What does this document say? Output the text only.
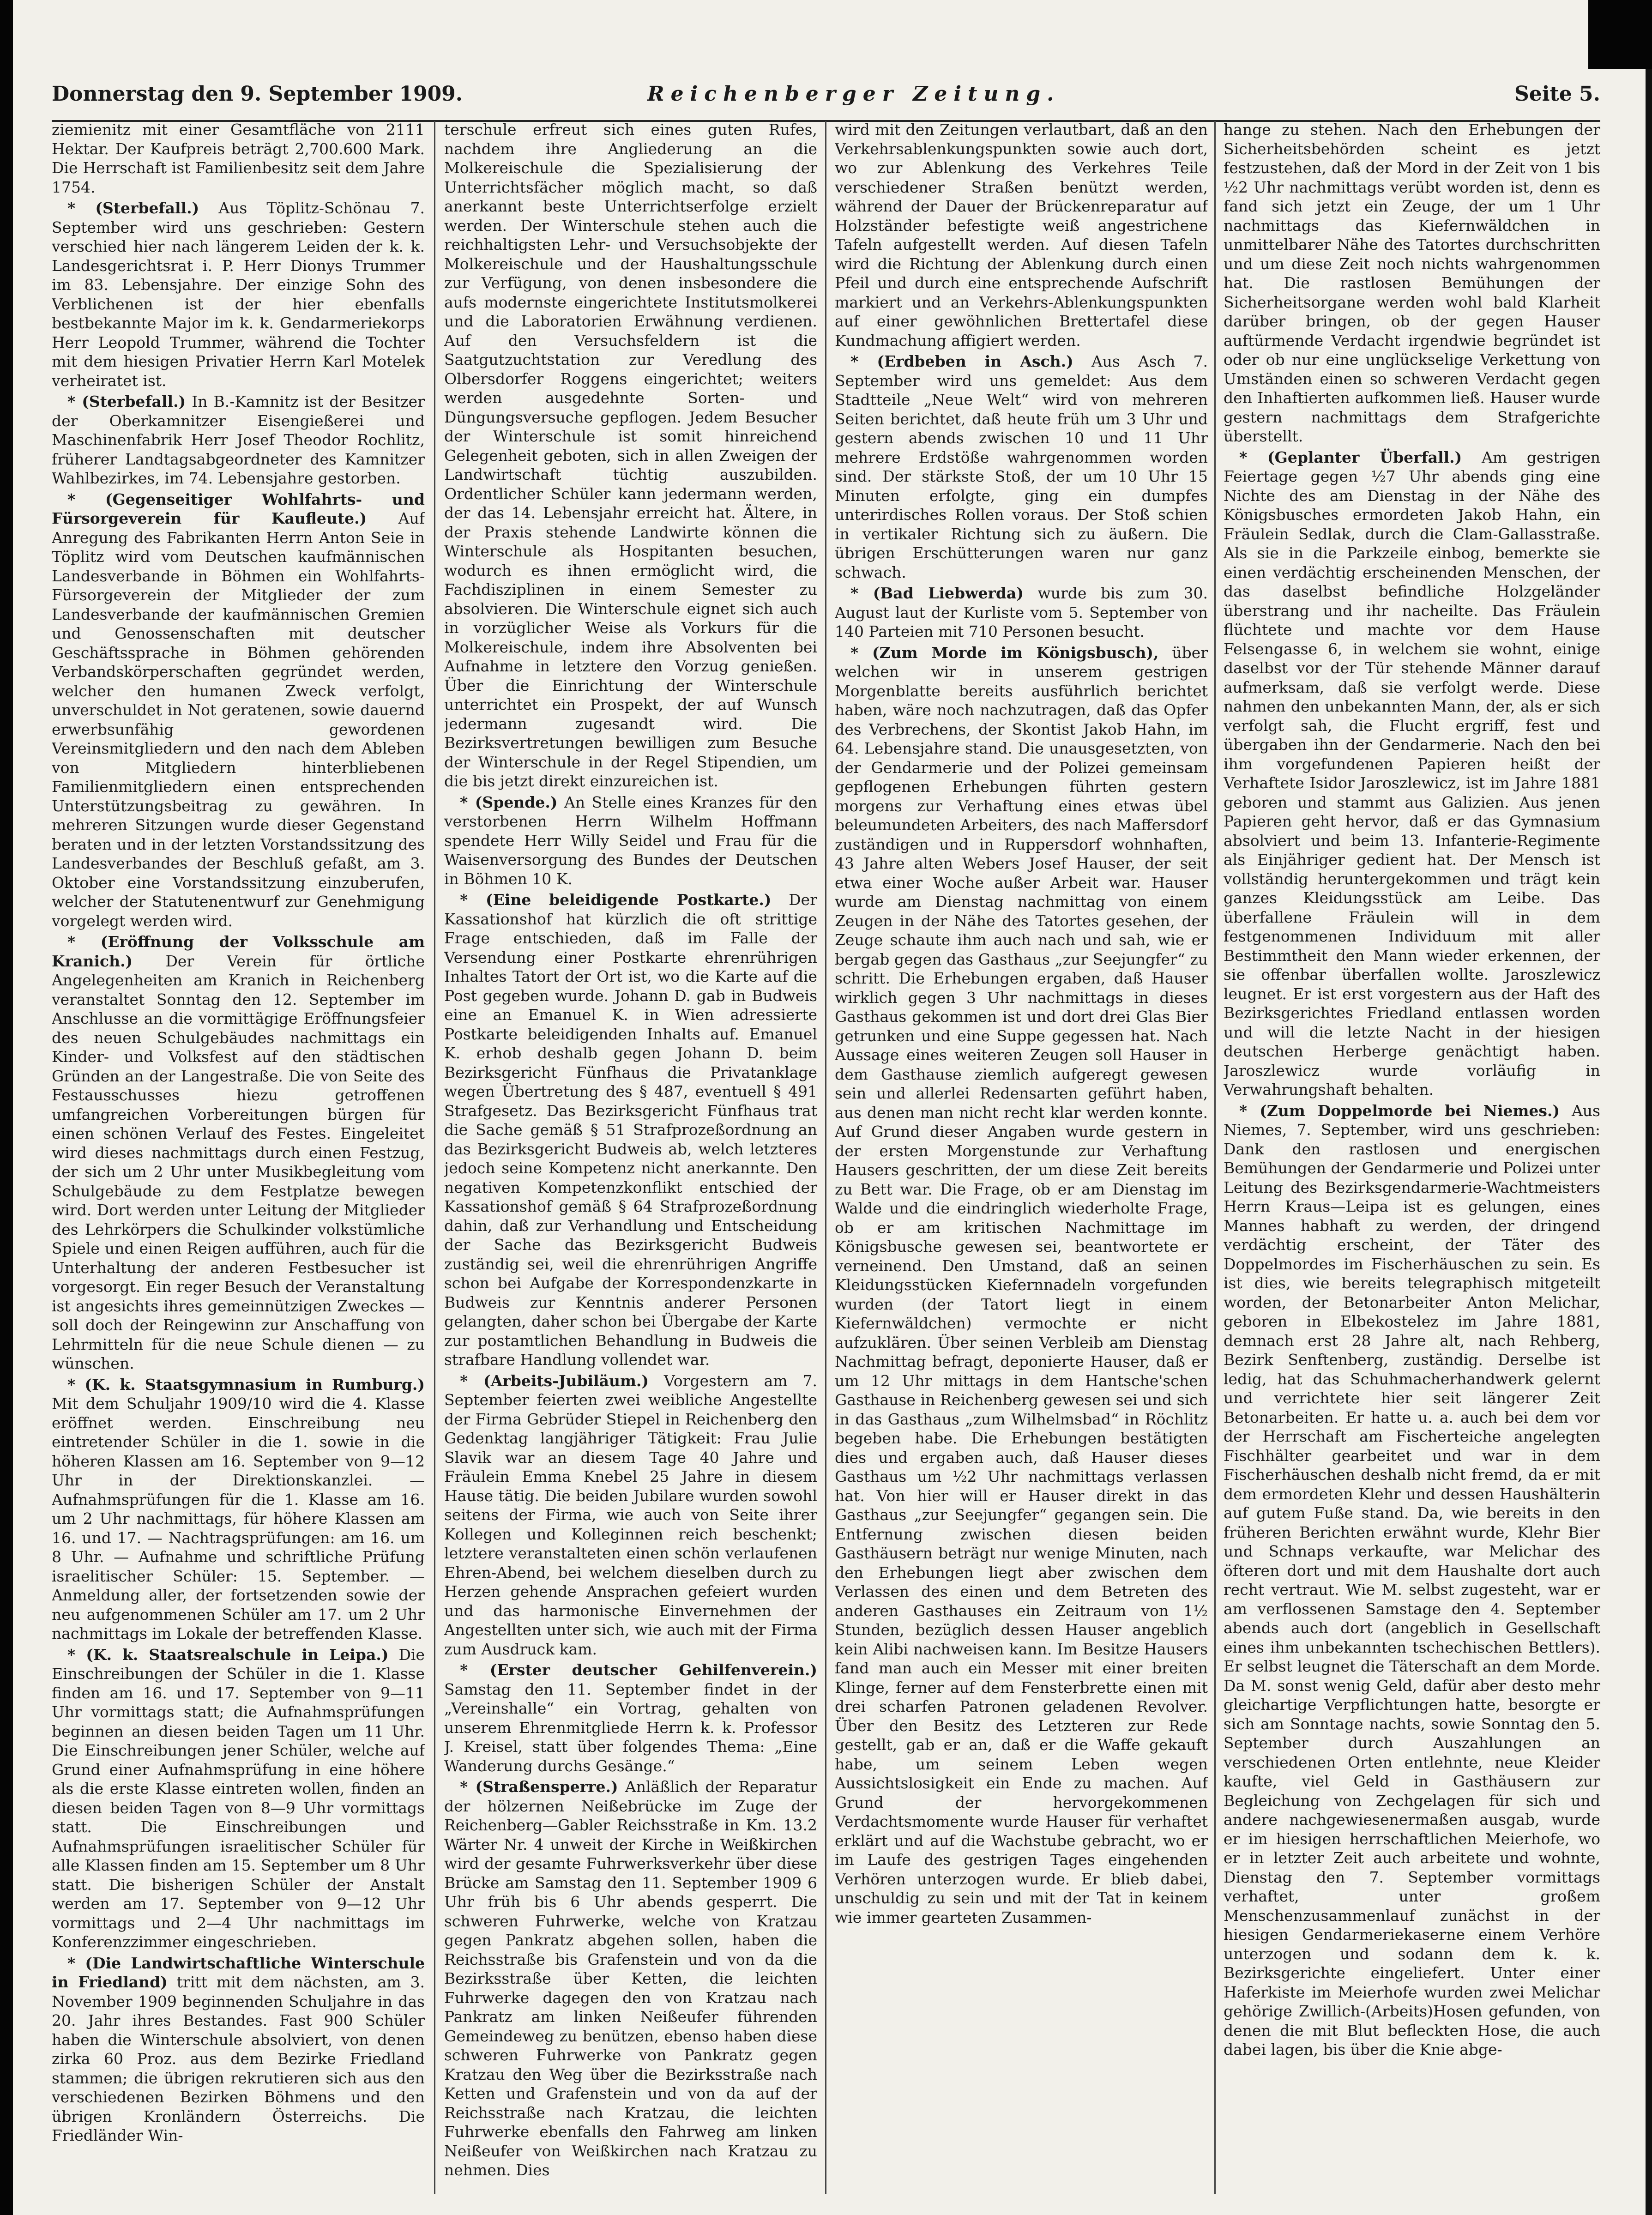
Donnerstag den 9. September 1909.	Reichenberger Zeitung.	Seite 5.

ziemienitz mit einer Gesamtfläche von 2111 Hektar. Der Kaufpreis beträgt 2,700.600 Mark. Die Herrschaft ist Familienbesitz seit dem Jahre 1754.

* (Sterbefall.) Aus Töplitz-Schönau 7. September wird uns geschrieben: Gestern verschied hier nach längerem Leiden der k. k. Landesgerichtsrat i. P. Herr Dionys Trummer im 83. Lebensjahre. Der einzige Sohn des Verblichenen ist der hier ebenfalls bestbekannte Major im k. k. Gendarmeriekorps Herr Leopold Trummer, während die Tochter mit dem hiesigen Privatier Herrn Karl Motelek verheiratet ist.

* (Sterbefall.) In B.-Kamnitz ist der Besitzer der Oberkamnitzer Eisengießerei und Maschinenfabrik Herr Josef Theodor Rochlitz, früherer Landtagsabgeordneter des Kamnitzer Wahlbezirkes, im 74. Lebensjahre gestorben.

* (Gegenseitiger Wohlfahrts- und Fürsorgeverein für Kaufleute.) Auf Anregung des Fabrikanten Herrn Anton Seie in Töplitz wird vom Deutschen kaufmännischen Landesverbande in Böhmen ein Wohlfahrts-Fürsorgeverein der Mitglieder der zum Landesverbande der kaufmännischen Gremien und Genossenschaften mit deutscher Geschäftssprache in Böhmen gehörenden Verbandskörperschaften gegründet werden, welcher den humanen Zweck verfolgt, unverschuldet in Not geratenen, sowie dauernd erwerbsunfähig gewordenen Vereinsmitgliedern und den nach dem Ableben von Mitgliedern hinterbliebenen Familienmitgliedern einen entsprechenden Unterstützungsbeitrag zu gewähren. In mehreren Sitzungen wurde dieser Gegenstand beraten und in der letzten Vorstandssitzung des Landesverbandes der Beschluß gefaßt, am 3. Oktober eine Vorstandssitzung einzuberufen, welcher der Statutenentwurf zur Genehmigung vorgelegt werden wird.

* (Eröffnung der Volksschule am Kranich.) Der Verein für örtliche Angelegenheiten am Kranich in Reichenberg veranstaltet Sonntag den 12. September im Anschlusse an die vormittägige Eröffnungsfeier des neuen Schulgebäudes nachmittags ein Kinder- und Volksfest auf den städtischen Gründen an der Langestraße. Die von Seite des Festausschusses hiezu getroffenen umfangreichen Vorbereitungen bürgen für einen schönen Verlauf des Festes. Eingeleitet wird dieses nachmittags durch einen Festzug, der sich um 2 Uhr unter Musikbegleitung vom Schulgebäude zu dem Festplatze bewegen wird. Dort werden unter Leitung der Mitglieder des Lehrkörpers die Schulkinder volkstümliche Spiele und einen Reigen aufführen, auch für die Unterhaltung der anderen Festbesucher ist vorgesorgt. Ein reger Besuch der Veranstaltung ist angesichts ihres gemeinnützigen Zweckes — soll doch der Reingewinn zur Anschaffung von Lehrmitteln für die neue Schule dienen — zu wünschen.

* (K. k. Staatsgymnasium in Rumburg.) Mit dem Schuljahr 1909/10 wird die 4. Klasse eröffnet werden. Einschreibung neu eintretender Schüler in die 1. sowie in die höheren Klassen am 16. September von 9—12 Uhr in der Direktionskanzlei. — Aufnahmsprüfungen für die 1. Klasse am 16. um 2 Uhr nachmittags, für höhere Klassen am 16. und 17. — Nachtragsprüfungen: am 16. um 8 Uhr. — Aufnahme und schriftliche Prüfung israelitischer Schüler: 15. September. — Anmeldung aller, der fortsetzenden sowie der neu aufgenommenen Schüler am 17. um 2 Uhr nachmittags im Lokale der betreffenden Klasse.

* (K. k. Staatsrealschule in Leipa.) Die Einschreibungen der Schüler in die 1. Klasse finden am 16. und 17. September von 9—11 Uhr vormittags statt; die Aufnahmsprüfungen beginnen an diesen beiden Tagen um 11 Uhr. Die Einschreibungen jener Schüler, welche auf Grund einer Aufnahmsprüfung in eine höhere als die erste Klasse eintreten wollen, finden an diesen beiden Tagen von 8—9 Uhr vormittags statt. Die Einschreibungen und Aufnahmsprüfungen israelitischer Schüler für alle Klassen finden am 15. September um 8 Uhr statt. Die bisherigen Schüler der Anstalt werden am 17. September von 9—12 Uhr vormittags und 2—4 Uhr nachmittags im Konferenzzimmer eingeschrieben.

* (Die Landwirtschaftliche Winterschule in Friedland) tritt mit dem nächsten, am 3. November 1909 beginnenden Schuljahre in das 20. Jahr ihres Bestandes. Fast 900 Schüler haben die Winterschule absolviert, von denen zirka 60 Proz. aus dem Bezirke Friedland stammen; die übrigen rekrutieren sich aus den verschiedenen Bezirken Böhmens und den übrigen Kronländern Österreichs. Die Friedländer Win-

terschule erfreut sich eines guten Rufes, nachdem ihre Angliederung an die Molkereischule die Spezialisierung der Unterrichtsfächer möglich macht, so daß anerkannt beste Unterrichtserfolge erzielt werden. Der Winterschule stehen auch die reichhaltigsten Lehr- und Versuchsobjekte der Molkereischule und der Haushaltungsschule zur Verfügung, von denen insbesondere die aufs modernste eingerichtete Institutsmolkerei und die Laboratorien Erwähnung verdienen. Auf den Versuchsfeldern ist die Saatgutzuchtstation zur Veredlung des Olbersdorfer Roggens eingerichtet; weiters werden ausgedehnte Sorten- und Düngungsversuche gepflogen. Jedem Besucher der Winterschule ist somit hinreichend Gelegenheit geboten, sich in allen Zweigen der Landwirtschaft tüchtig auszubilden. Ordentlicher Schüler kann jedermann werden, der das 14. Lebensjahr erreicht hat. Ältere, in der Praxis stehende Landwirte können die Winterschule als Hospitanten besuchen, wodurch es ihnen ermöglicht wird, die Fachdisziplinen in einem Semester zu absolvieren. Die Winterschule eignet sich auch in vorzüglicher Weise als Vorkurs für die Molkereischule, indem ihre Absolventen bei Aufnahme in letztere den Vorzug genießen. Über die Einrichtung der Winterschule unterrichtet ein Prospekt, der auf Wunsch jedermann zugesandt wird. Die Bezirksvertretungen bewilligen zum Besuche der Winterschule in der Regel Stipendien, um die bis jetzt direkt einzureichen ist.

* (Spende.) An Stelle eines Kranzes für den verstorbenen Herrn Wilhelm Hoffmann spendete Herr Willy Seidel und Frau für die Waisenversorgung des Bundes der Deutschen in Böhmen 10 K.

* (Eine beleidigende Postkarte.) Der Kassationshof hat kürzlich die oft strittige Frage entschieden, daß im Falle der Versendung einer Postkarte ehrenrührigen Inhaltes Tatort der Ort ist, wo die Karte auf die Post gegeben wurde. Johann D. gab in Budweis eine an Emanuel K. in Wien adressierte Postkarte beleidigenden Inhalts auf. Emanuel K. erhob deshalb gegen Johann D. beim Bezirksgericht Fünfhaus die Privatanklage wegen Übertretung des § 487, eventuell § 491 Strafgesetz. Das Bezirksgericht Fünfhaus trat die Sache gemäß § 51 Strafprozeßordnung an das Bezirksgericht Budweis ab, welch letzteres jedoch seine Kompetenz nicht anerkannte. Den negativen Kompetenzkonflikt entschied der Kassationshof gemäß § 64 Strafprozeßordnung dahin, daß zur Verhandlung und Entscheidung der Sache das Bezirksgericht Budweis zuständig sei, weil die ehrenrührigen Angriffe schon bei Aufgabe der Korrespondenzkarte in Budweis zur Kenntnis anderer Personen gelangten, daher schon bei Übergabe der Karte zur postamtlichen Behandlung in Budweis die strafbare Handlung vollendet war.

* (Arbeits-Jubiläum.) Vorgestern am 7. September feierten zwei weibliche Angestellte der Firma Gebrüder Stiepel in Reichenberg den Gedenktag langjähriger Tätigkeit: Frau Julie Slavik war an diesem Tage 40 Jahre und Fräulein Emma Knebel 25 Jahre in diesem Hause tätig. Die beiden Jubilare wurden sowohl seitens der Firma, wie auch von Seite ihrer Kollegen und Kolleginnen reich beschenkt; letztere veranstalteten einen schön verlaufenen Ehren-Abend, bei welchem dieselben durch zu Herzen gehende Ansprachen gefeiert wurden und das harmonische Einvernehmen der Angestellten unter sich, wie auch mit der Firma zum Ausdruck kam.

* (Erster deutscher Gehilfenverein.) Samstag den 11. September findet in der „Vereinshalle“ ein Vortrag, gehalten von unserem Ehrenmitgliede Herrn k. k. Professor J. Kreisel, statt über folgendes Thema: „Eine Wanderung durchs Gesänge.“

* (Straßensperre.) Anläßlich der Reparatur der hölzernen Neißebrücke im Zuge der Reichenberg—Gabler Reichsstraße in Km. 13.2 Wärter Nr. 4 unweit der Kirche in Weißkirchen wird der gesamte Fuhrwerksverkehr über diese Brücke am Samstag den 11. September 1909 6 Uhr früh bis 6 Uhr abends gesperrt. Die schweren Fuhrwerke, welche von Kratzau gegen Pankratz abgehen sollen, haben die Reichsstraße bis Grafenstein und von da die Bezirksstraße über Ketten, die leichten Fuhrwerke dagegen den von Kratzau nach Pankratz am linken Neißeufer führenden Gemeindeweg zu benützen, ebenso haben diese schweren Fuhrwerke von Pankratz gegen Kratzau den Weg über die Bezirksstraße nach Ketten und Grafenstein und von da auf der Reichsstraße nach Kratzau, die leichten Fuhrwerke ebenfalls den Fahrweg am linken Neißeufer von Weißkirchen nach Kratzau zu nehmen. Dies

wird mit den Zeitungen verlautbart, daß an den Verkehrsablenkungspunkten sowie auch dort, wo zur Ablenkung des Verkehres Teile verschiedener Straßen benützt werden, während der Dauer der Brückenreparatur auf Holzständer befestigte weiß angestrichene Tafeln aufgestellt werden. Auf diesen Tafeln wird die Richtung der Ablenkung durch einen Pfeil und durch eine entsprechende Aufschrift markiert und an Verkehrs-Ablenkungspunkten auf einer gewöhnlichen Brettertafel diese Kundmachung affigiert werden.

* (Erdbeben in Asch.) Aus Asch 7. September wird uns gemeldet: Aus dem Stadtteile „Neue Welt“ wird von mehreren Seiten berichtet, daß heute früh um 3 Uhr und gestern abends zwischen 10 und 11 Uhr mehrere Erdstöße wahrgenommen worden sind. Der stärkste Stoß, der um 10 Uhr 15 Minuten erfolgte, ging ein dumpfes unterirdisches Rollen voraus. Der Stoß schien in vertikaler Richtung sich zu äußern. Die übrigen Erschütterungen waren nur ganz schwach.

* (Bad Liebwerda) wurde bis zum 30. August laut der Kurliste vom 5. September von 140 Parteien mit 710 Personen besucht.

* (Zum Morde im Königsbusch), über welchen wir in unserem gestrigen Morgenblatte bereits ausführlich berichtet haben, wäre noch nachzutragen, daß das Opfer des Verbrechens, der Skontist Jakob Hahn, im 64. Lebensjahre stand. Die unausgesetzten, von der Gendarmerie und der Polizei gemeinsam gepflogenen Erhebungen führten gestern morgens zur Verhaftung eines etwas übel beleumundeten Arbeiters, des nach Maffersdorf zuständigen und in Ruppersdorf wohnhaften, 43 Jahre alten Webers Josef Hauser, der seit etwa einer Woche außer Arbeit war. Hauser wurde am Dienstag nachmittag von einem Zeugen in der Nähe des Tatortes gesehen, der Zeuge schaute ihm auch nach und sah, wie er bergab gegen das Gasthaus „zur Seejungfer“ zu schritt. Die Erhebungen ergaben, daß Hauser wirklich gegen 3 Uhr nachmittags in dieses Gasthaus gekommen ist und dort drei Glas Bier getrunken und eine Suppe gegessen hat. Nach Aussage eines weiteren Zeugen soll Hauser in dem Gasthause ziemlich aufgeregt gewesen sein und allerlei Redensarten geführt haben, aus denen man nicht recht klar werden konnte. Auf Grund dieser Angaben wurde gestern in der ersten Morgenstunde zur Verhaftung Hausers geschritten, der um diese Zeit bereits zu Bett war. Die Frage, ob er am Dienstag im Walde und die eindringlich wiederholte Frage, ob er am kritischen Nachmittage im Königsbusche gewesen sei, beantwortete er verneinend. Den Umstand, daß an seinen Kleidungsstücken Kiefernnadeln vorgefunden wurden (der Tatort liegt in einem Kiefernwäldchen) vermochte er nicht aufzuklären. Über seinen Verbleib am Dienstag Nachmittag befragt, deponierte Hauser, daß er um 12 Uhr mittags in dem Hantsche'schen Gasthause in Reichenberg gewesen sei und sich in das Gasthaus „zum Wilhelmsbad“ in Röchlitz begeben habe. Die Erhebungen bestätigten dies und ergaben auch, daß Hauser dieses Gasthaus um ½2 Uhr nachmittags verlassen hat. Von hier will er Hauser direkt in das Gasthaus „zur Seejungfer“ gegangen sein. Die Entfernung zwischen diesen beiden Gasthäusern beträgt nur wenige Minuten, nach den Erhebungen liegt aber zwischen dem Verlassen des einen und dem Betreten des anderen Gasthauses ein Zeitraum von 1½ Stunden, bezüglich dessen Hauser angeblich kein Alibi nachweisen kann. Im Besitze Hausers fand man auch ein Messer mit einer breiten Klinge, ferner auf dem Fensterbrette einen mit drei scharfen Patronen geladenen Revolver. Über den Besitz des Letzteren zur Rede gestellt, gab er an, daß er die Waffe gekauft habe, um seinem Leben wegen Aussichtslosigkeit ein Ende zu machen. Auf Grund der hervorgekommenen Verdachtsmomente wurde Hauser für verhaftet erklärt und auf die Wachstube gebracht, wo er im Laufe des gestrigen Tages eingehenden Verhören unterzogen wurde. Er blieb dabei, unschuldig zu sein und mit der Tat in keinem wie immer gearteten Zusammen-

hange zu stehen. Nach den Erhebungen der Sicherheitsbehörden scheint es jetzt festzustehen, daß der Mord in der Zeit von 1 bis ½2 Uhr nachmittags verübt worden ist, denn es fand sich jetzt ein Zeuge, der um 1 Uhr nachmittags das Kiefernwäldchen in unmittelbarer Nähe des Tatortes durchschritten und um diese Zeit noch nichts wahrgenommen hat. Die rastlosen Bemühungen der Sicherheitsorgane werden wohl bald Klarheit darüber bringen, ob der gegen Hauser auftürmende Verdacht irgendwie begründet ist oder ob nur eine unglückselige Verkettung von Umständen einen so schweren Verdacht gegen den Inhaftierten aufkommen ließ. Hauser wurde gestern nachmittags dem Strafgerichte überstellt.

* (Geplanter Überfall.) Am gestrigen Feiertage gegen ½7 Uhr abends ging eine Nichte des am Dienstag in der Nähe des Königsbusches ermordeten Jakob Hahn, ein Fräulein Sedlak, durch die Clam-Gallasstraße. Als sie in die Parkzeile einbog, bemerkte sie einen verdächtig erscheinenden Menschen, der das daselbst befindliche Holzgeländer überstrang und ihr nacheilte. Das Fräulein flüchtete und machte vor dem Hause Felsengasse 6, in welchem sie wohnt, einige daselbst vor der Tür stehende Männer darauf aufmerksam, daß sie verfolgt werde. Diese nahmen den unbekannten Mann, der, als er sich verfolgt sah, die Flucht ergriff, fest und übergaben ihn der Gendarmerie. Nach den bei ihm vorgefundenen Papieren heißt der Verhaftete Isidor Jaroszlewicz, ist im Jahre 1881 geboren und stammt aus Galizien. Aus jenen Papieren geht hervor, daß er das Gymnasium absolviert und beim 13. Infanterie-Regimente als Einjähriger gedient hat. Der Mensch ist vollständig heruntergekommen und trägt kein ganzes Kleidungsstück am Leibe. Das überfallene Fräulein will in dem festgenommenen Individuum mit aller Bestimmtheit den Mann wieder erkennen, der sie offenbar überfallen wollte. Jaroszlewicz leugnet. Er ist erst vorgestern aus der Haft des Bezirksgerichtes Friedland entlassen worden und will die letzte Nacht in der hiesigen deutschen Herberge genächtigt haben. Jaroszlewicz wurde vorläufig in Verwahrungshaft behalten.

* (Zum Doppelmorde bei Niemes.) Aus Niemes, 7. September, wird uns geschrieben: Dank den rastlosen und energischen Bemühungen der Gendarmerie und Polizei unter Leitung des Bezirksgendarmerie-Wachtmeisters Herrn Kraus—Leipa ist es gelungen, eines Mannes habhaft zu werden, der dringend verdächtig erscheint, der Täter des Doppelmordes im Fischerhäuschen zu sein. Es ist dies, wie bereits telegraphisch mitgeteilt worden, der Betonarbeiter Anton Melichar, geboren in Elbekostelez im Jahre 1881, demnach erst 28 Jahre alt, nach Rehberg, Bezirk Senftenberg, zuständig. Derselbe ist ledig, hat das Schuhmacherhandwerk gelernt und verrichtete hier seit längerer Zeit Betonarbeiten. Er hatte u. a. auch bei dem vor der Herrschaft am Fischerteiche angelegten Fischhälter gearbeitet und war in dem Fischerhäuschen deshalb nicht fremd, da er mit dem ermordeten Klehr und dessen Haushälterin auf gutem Fuße stand. Da, wie bereits in den früheren Berichten erwähnt wurde, Klehr Bier und Schnaps verkaufte, war Melichar des öfteren dort und mit dem Haushalte dort auch recht vertraut. Wie M. selbst zugesteht, war er am verflossenen Samstage den 4. September abends auch dort (angeblich in Gesellschaft eines ihm unbekannten tschechischen Bettlers). Er selbst leugnet die Täterschaft an dem Morde. Da M. sonst wenig Geld, dafür aber desto mehr gleichartige Verpflichtungen hatte, besorgte er sich am Sonntage nachts, sowie Sonntag den 5. September durch Auszahlungen an verschiedenen Orten entlehnte, neue Kleider kaufte, viel Geld in Gasthäusern zur Begleichung von Zechgelagen für sich und andere nachgewiesenermaßen ausgab, wurde er im hiesigen herrschaftlichen Meierhofe, wo er in letzter Zeit auch arbeitete und wohnte, Dienstag den 7. September vormittags verhaftet, unter großem Menschenzusammenlauf zunächst in der hiesigen Gendarmeriekaserne einem Verhöre unterzogen und sodann dem k. k. Bezirksgerichte eingeliefert. Unter einer Haferkiste im Meierhofe wurden zwei Melichar gehörige Zwillich-(Arbeits)Hosen gefunden, von denen die mit Blut befleckten Hose, die auch dabei lagen, bis über die Knie abge-
